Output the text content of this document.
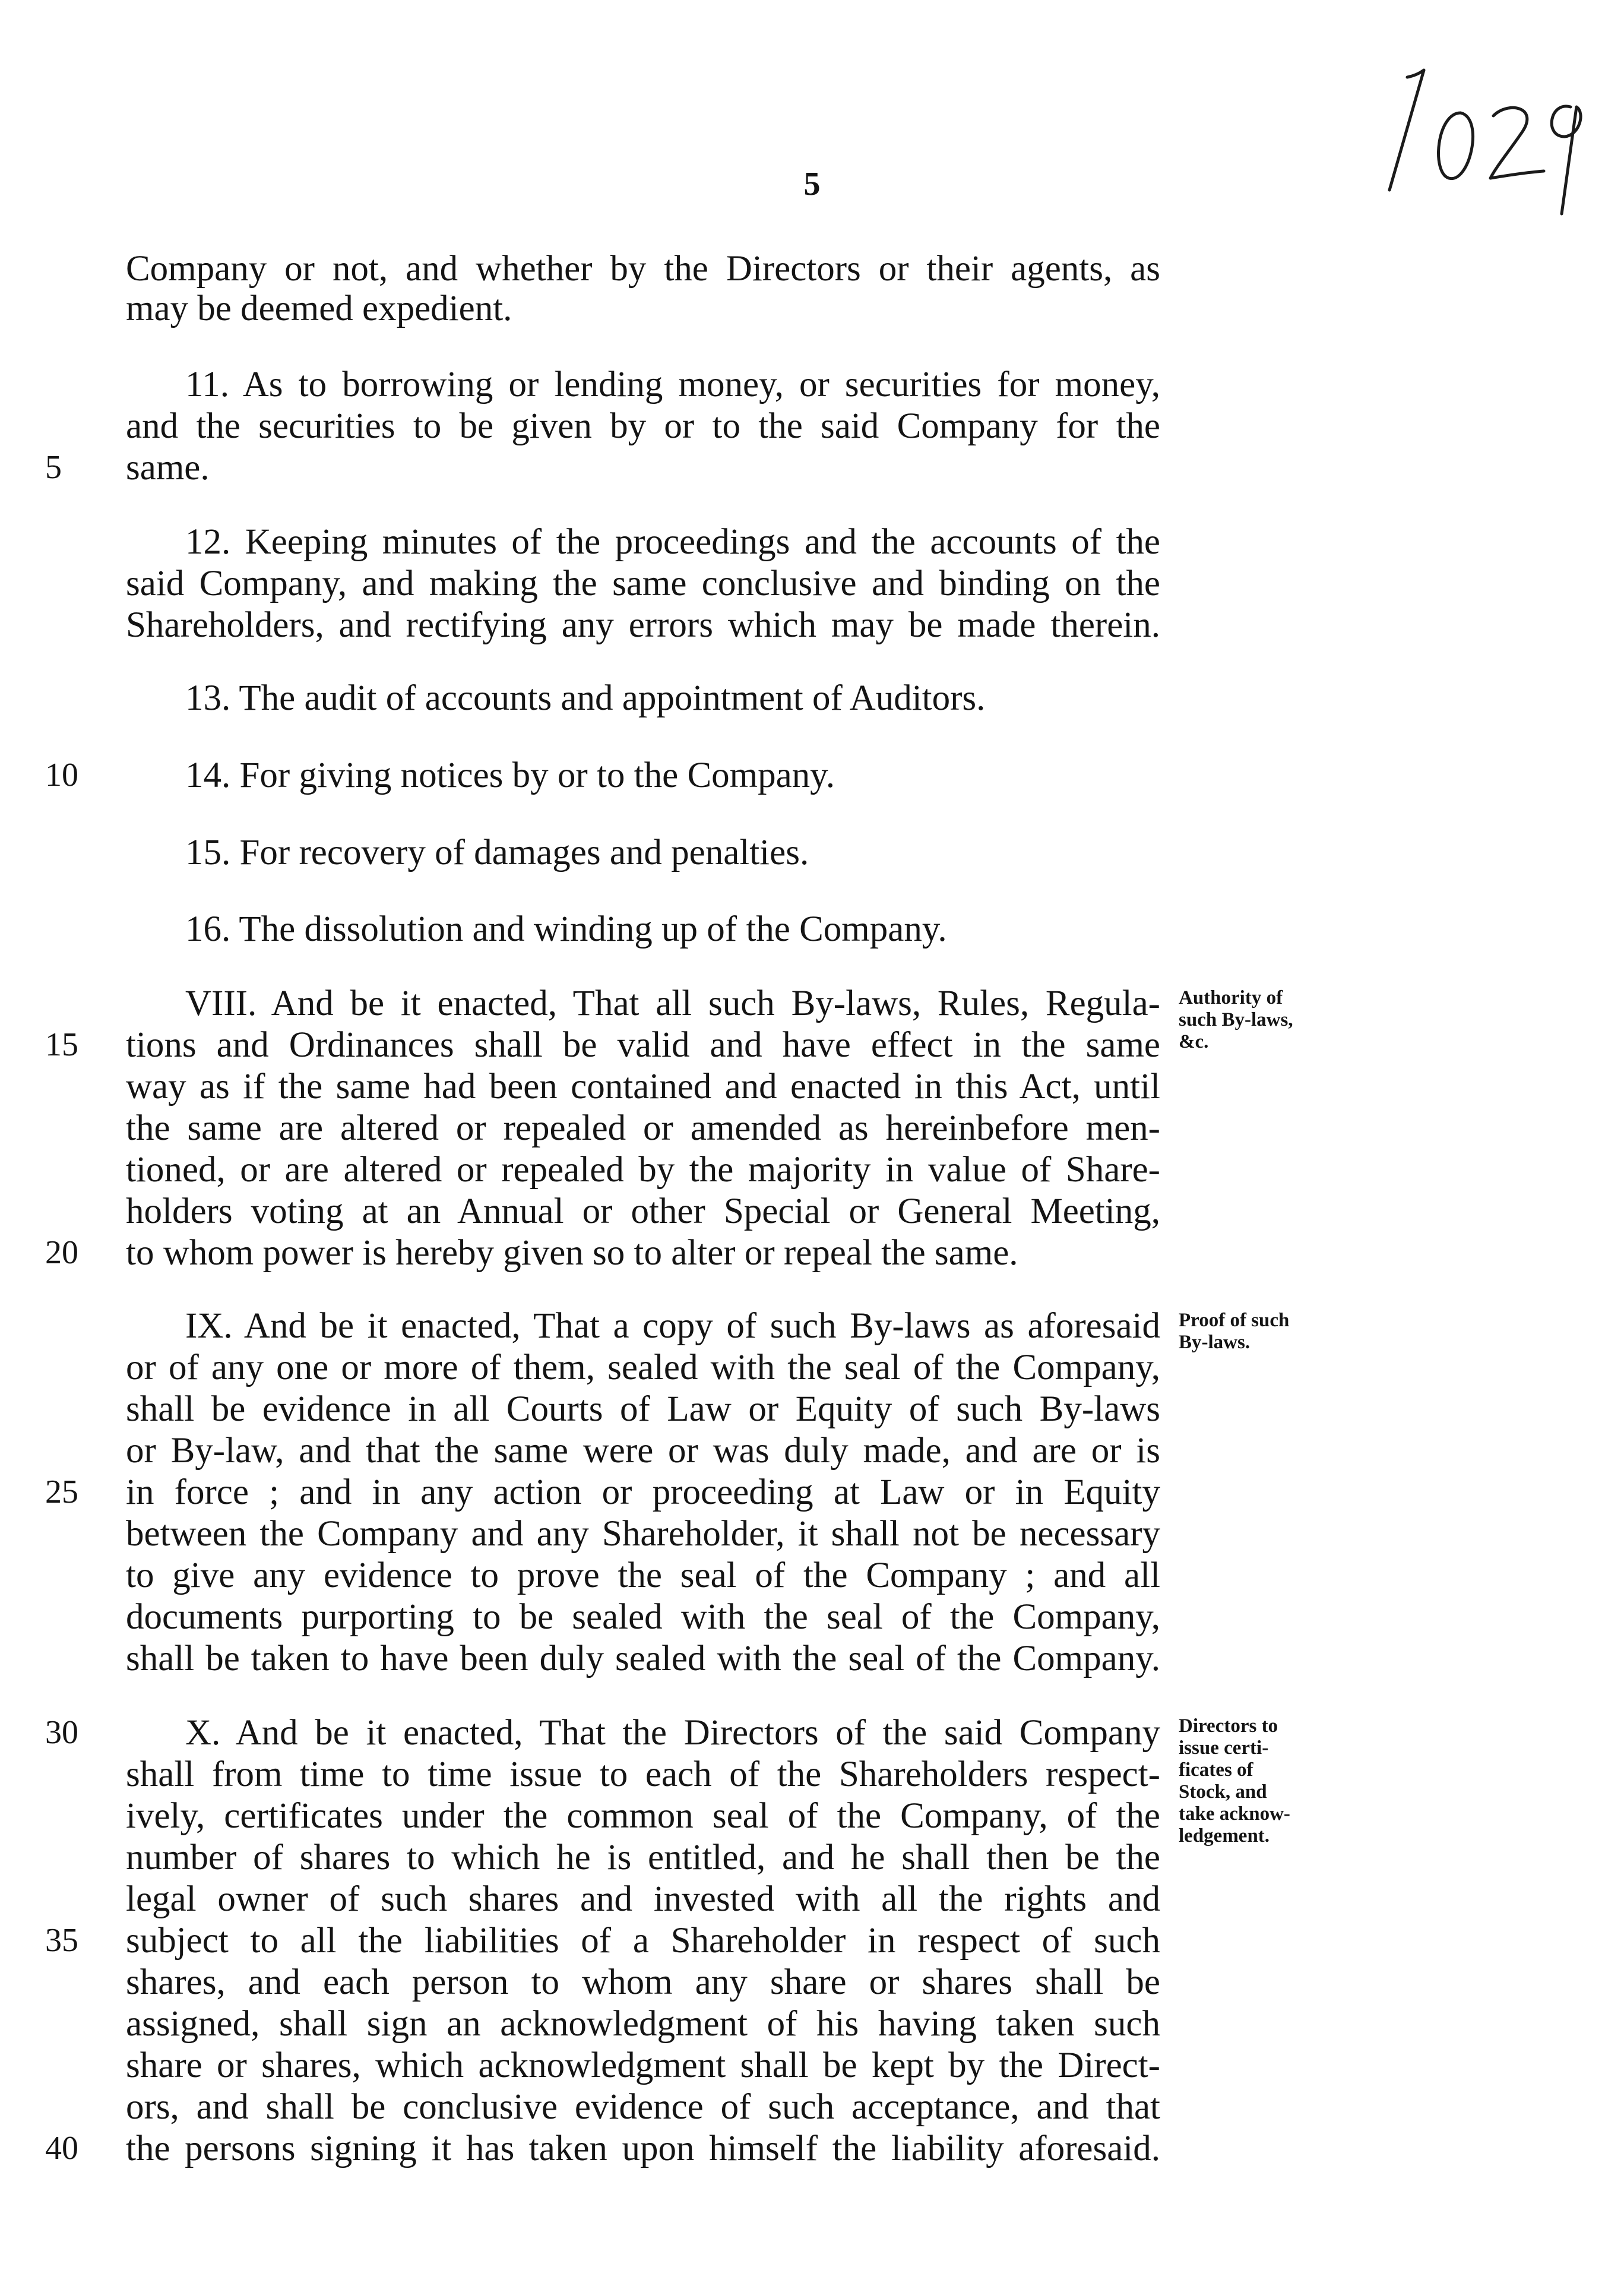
5
Company or not, and whether by the Directors or their agents, as
may be deemed expedient.
11. As to borrowing or lending money, or securities for money,
and the securities to be given by or to the said Company for the
same.
5
12. Keeping minutes of the proceedings and the accounts of the
said Company, and making the same conclusive and binding on the
Shareholders, and rectifying any errors which may be made therein.
13. The audit of accounts and appointment of Auditors.
14. For giving notices by or to the Company.
10
15. For recovery of damages and penalties.
16. The dissolution and winding up of the Company.
VIII. And be it enacted, That all such By-laws, Rules, Regula-
tions and Ordinances shall be valid and have effect in the same
15
way as if the same had been contained and enacted in this Act, until
the same are altered or repealed or amended as hereinbefore men-
tioned, or are altered or repealed by the majority in value of Share-
holders voting at an Annual or other Special or General Meeting,
to whom power is hereby given so to alter or repeal the same.
20
IX. And be it enacted, That a copy of such By-laws as aforesaid
or of any one or more of them, sealed with the seal of the Company,
shall be evidence in all Courts of Law or Equity of such By-laws
or By-law, and that the same were or was duly made, and are or is
in force ; and in any action or proceeding at Law or in Equity
25
between the Company and any Shareholder, it shall not be necessary
to give any evidence to prove the seal of the Company ; and all
documents purporting to be sealed with the seal of the Company,
shall be taken to have been duly sealed with the seal of the Company.
X. And be it enacted, That the Directors of the said Company
30
shall from time to time issue to each of the Shareholders respect-
ively, certificates under the common seal of the Company, of the
number of shares to which he is entitled, and he shall then be the
legal owner of such shares and invested with all the rights and
subject to all the liabilities of a Shareholder in respect of such
35
shares, and each person to whom any share or shares shall be
assigned, shall sign an acknowledgment of his having taken such
share or shares, which acknowledgment shall be kept by the Direct-
ors, and shall be conclusive evidence of such acceptance, and that
the persons signing it has taken upon himself the liability aforesaid.
40
Authority of
such By-laws,
&c.
Proof of such
By-laws.
Directors to
issue certi-
ficates of
Stock, and
take acknow-
ledgement.
